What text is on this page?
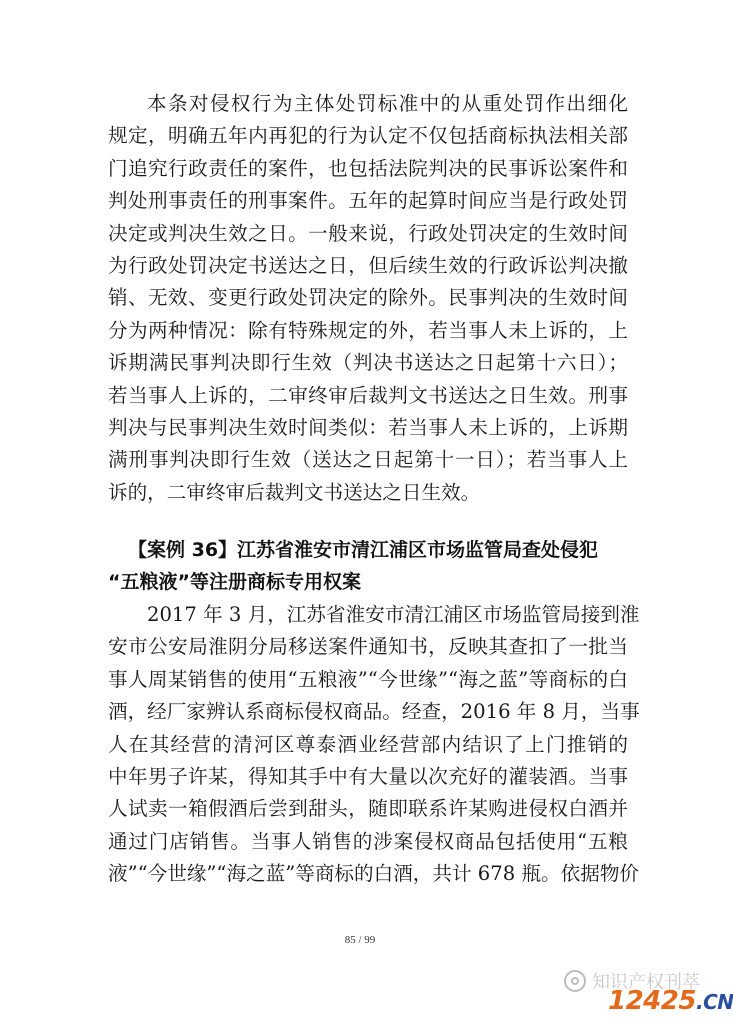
本条对侵权行为主体处罚标准中的从重处罚作出细化
规定，明确五年内再犯的行为认定不仅包括商标执法相关部
门追究行政责任的案件，也包括法院判决的民事诉讼案件和
判处刑事责任的刑事案件。五年的起算时间应当是行政处罚
决定或判决生效之日。一般来说，行政处罚决定的生效时间
为行政处罚决定书送达之日，但后续生效的行政诉讼判决撤
销、无效、变更行政处罚决定的除外。民事判决的生效时间
分为两种情况：除有特殊规定的外，若当事人未上诉的，上
诉期满民事判决即行生效（判决书送达之日起第十六日）；
若当事人上诉的，二审终审后裁判文书送达之日生效。刑事
判决与民事判决生效时间类似：若当事人未上诉的，上诉期
满刑事判决即行生效（送达之日起第十一日）；若当事人上
诉的，二审终审后裁判文书送达之日生效。
【案例 36】江苏省淮安市清江浦区市场监管局查处侵犯
“五粮液”等注册商标专用权案
2017 年 3 月，江苏省淮安市清江浦区市场监管局接到淮
安市公安局淮阴分局移送案件通知书，反映其查扣了一批当
事人周某销售的使用“五粮液”“今世缘”“海之蓝”等商标的白
酒，经厂家辨认系商标侵权商品。经查，2016 年 8 月，当事
人在其经营的清河区尊泰酒业经营部内结识了上门推销的
中年男子许某，得知其手中有大量以次充好的灌装酒。当事
人试卖一箱假酒后尝到甜头，随即联系许某购进侵权白酒并
通过门店销售。当事人销售的涉案侵权商品包括使用“五粮
液”“今世缘”“海之蓝”等商标的白酒，共计 678 瓶。依据物价
85 / 99
知识产权刊萃
12425.CN
